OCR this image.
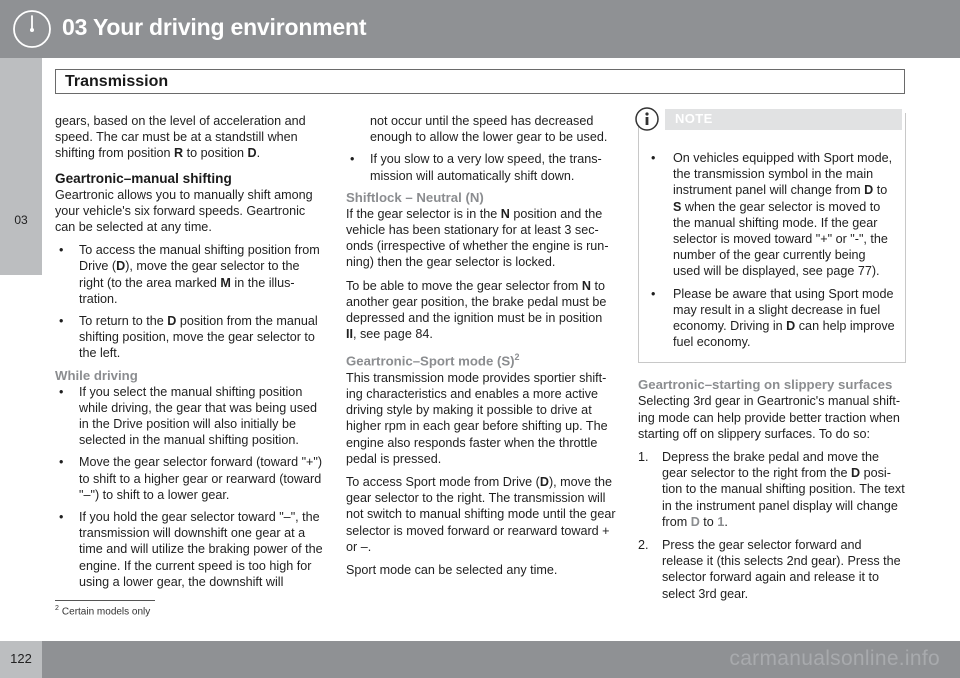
03 Your driving environment
Transmission
03

gears, based on the level of acceleration and speed. The car must be at a standstill when shifting from position R to position D.

Geartronic–manual shifting

Geartronic allows you to manually shift among your vehicle's six forward speeds. Geartronic can be selected at any time.

• To access the manual shifting position from Drive (D), move the gear selector to the right (to the area marked M in the illustration.
• To return to the D position from the manual shifting position, move the gear selector to the left.
While driving
• If you select the manual shifting position while driving, the gear that was being used in the Drive position will also initially be selected in the manual shifting position.
• Move the gear selector forward (toward "+") to shift to a higher gear or rearward (toward "–") to shift to a lower gear.
• If you hold the gear selector toward "–", the transmission will downshift one gear at a time and will utilize the braking power of the engine. If the current speed is too high for using a lower gear, the downshift will

not occur until the speed has decreased enough to allow the lower gear to be used.

• If you slow to a very low speed, the transmission will automatically shift down.
Shiftlock – Neutral (N)

If the gear selector is in the N position and the vehicle has been stationary for at least 3 seconds (irrespective of whether the engine is running) then the gear selector is locked.

To be able to move the gear selector from N to another gear position, the brake pedal must be depressed and the ignition must be in position II, see page 84.

Geartronic–Sport mode $(S)^2$

This transmission mode provides sportier shifting characteristics and enables a more active driving style by making it possible to drive at higher rpm in each gear before shifting up. The engine also responds faster when the throttle pedal is pressed.

To access Sport mode from Drive (D), move the gear selector to the right. The transmission will not switch to manual shifting mode until the gear selector is moved forward or rearward toward + or –.

Sport mode can be selected any time.

NOTE
• On vehicles equipped with Sport mode, the transmission symbol in the main instrument panel will change from D to S when the gear selector is moved to the manual shifting mode. If the gear selector is moved toward "+" or "-", the number of the gear currently being used will be displayed, see page 77).
• Please be aware that using Sport mode may result in a slight decrease in fuel economy. Driving in D can help improve fuel economy.
Geartronic–starting on slippery surfaces

Selecting 3rd gear in Geartronic's manual shifting mode can help provide better traction when starting off on slippery surfaces. To do so:

1. Depress the brake pedal and move the gear selector to the right from the D position to the manual shifting position. The text in the instrument panel display will change from D to 1.
2. Press the gear selector forward and release it (this selects 2nd gear). Press the selector forward again and release it to select 3rd gear.
$^2$ Certain models only
122	carmanualsonline.info
